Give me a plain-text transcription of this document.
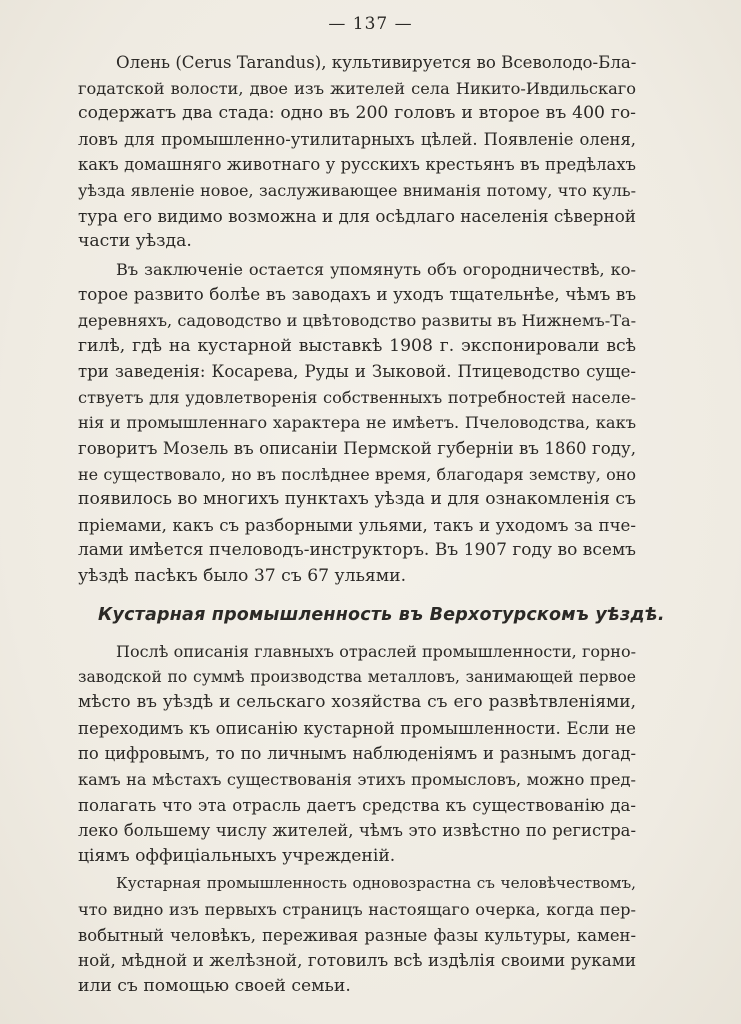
— 137 —
Олень (Cerus Tarandus), культивируется во Всеволодо-Бла-
годатской волости, двое изъ жителей села Никито-Ивдильскаго
содержатъ два стада: одно въ 200 головъ и второе въ 400 го-
ловъ для промышленно-утилитарныхъ цѣлей. Появленіе оленя,
какъ домашняго животнаго у русскихъ крестьянъ въ предѣлахъ
уѣзда явленіе новое, заслуживающее вниманія потому, что куль-
тура его видимо возможна и для осѣдлаго населенія сѣверной
части уѣзда.
Въ заключеніе остается упомянуть объ огородничествѣ, ко-
торое развито болѣе въ заводахъ и уходъ тщательнѣе, чѣмъ въ
деревняхъ, садоводство и цвѣтоводство развиты въ Нижнемъ-Та-
гилѣ, гдѣ на кустарной выставкѣ 1908 г. экспонировали всѣ
три заведенія: Косарева, Руды и Зыковой. Птицеводство суще-
ствуетъ для удовлетворенія собственныхъ потребностей населе-
нія и промышленнаго характера не имѣетъ. Пчеловодства, какъ
говоритъ Мозель въ описаніи Пермской губерніи въ 1860 году,
не существовало, но въ послѣднее время, благодаря земству, оно
появилось во многихъ пунктахъ уѣзда и для ознакомленія съ
пріемами, какъ съ разборными ульями, такъ и уходомъ за пче-
лами имѣется пчеловодъ-инструкторъ. Въ 1907 году во всемъ
уѣздѣ пасѣкъ было 37 съ 67 ульями.
Кустарная промышленность въ Верхотурскомъ уѣздѣ.
Послѣ описанія главныхъ отраслей промышленности, горно-
заводской по суммѣ производства металловъ, занимающей первое
мѣсто въ уѣздѣ и сельскаго хозяйства съ его развѣтвленіями,
переходимъ къ описанію кустарной промышленности. Если не
по цифровымъ, то по личнымъ наблюденіямъ и разнымъ догад-
камъ на мѣстахъ существованія этихъ промысловъ, можно пред-
полагать что эта отрасль даетъ средства къ существованію да-
леко большему числу жителей, чѣмъ это извѣстно по регистра-
ціямъ оффиціальныхъ учрежденій.
Кустарная промышленность одновозрастна съ человѣчествомъ,
что видно изъ первыхъ страницъ настоящаго очерка, когда пер-
вобытный человѣкъ, переживая разные фазы культуры, камен-
ной, мѣдной и желѣзной, готовилъ всѣ издѣлія своими руками
или съ помощью своей семьи.
